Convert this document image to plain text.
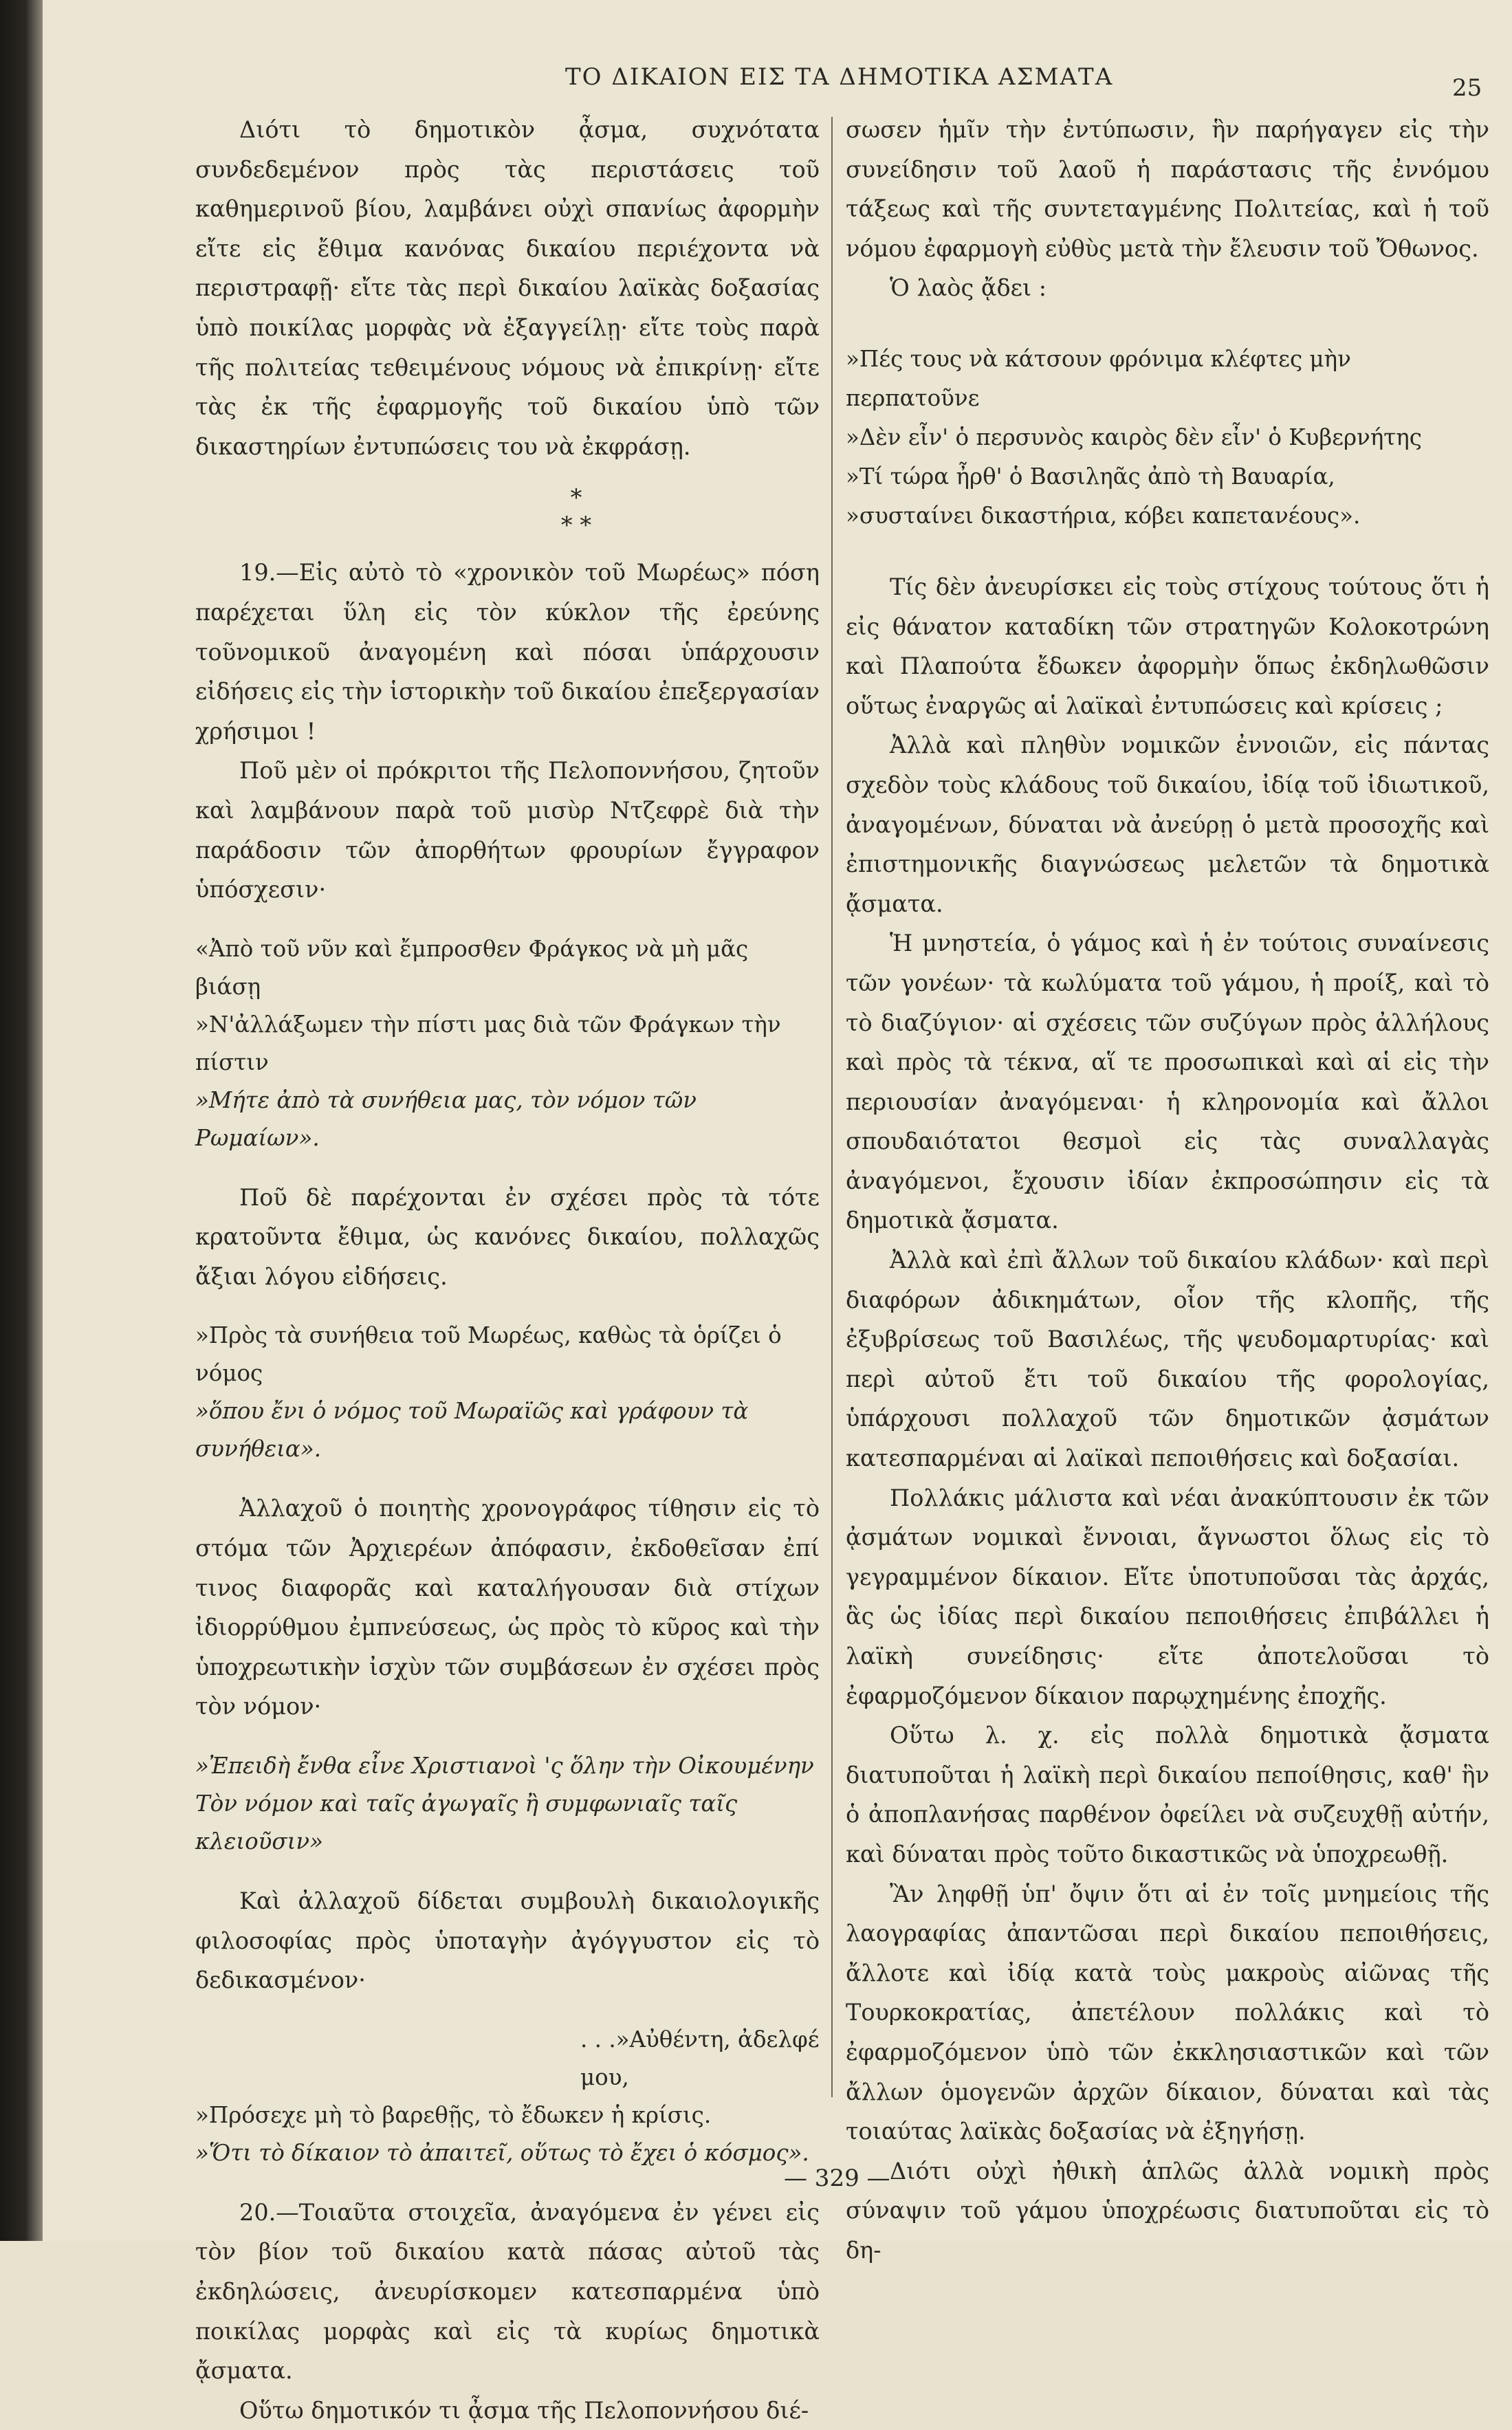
ΤΟ ΔΙΚΑΙΟΝ ΕΙΣ ΤΑ ΔΗΜΟΤΙΚΑ ΑΣΜΑΤΑ	25

Διότι τὸ δημοτικὸν ᾆσμα, συχνότατα συνδεδεμένον πρὸς τὰς περιστάσεις τοῦ καθημερινοῦ βίου, λαμβάνει οὐχὶ σπανίως ἀφορμὴν εἴτε εἰς ἔθιμα κανόνας δικαίου περιέχοντα νὰ περιστραφῇ· εἴτε τὰς περὶ δικαίου λαϊκὰς δοξασίας ὑπὸ ποικίλας μορφὰς νὰ ἐξαγγείλῃ· εἴτε τοὺς παρὰ τῆς πολιτείας τεθειμένους νόμους νὰ ἐπικρίνῃ· εἴτε τὰς ἐκ τῆς ἐφαρμογῆς τοῦ δικαίου ὑπὸ τῶν δικαστηρίων ἐντυπώσεις του νὰ ἐκφράσῃ.

*
* *

19.—Εἰς αὐτὸ τὸ «χρονικὸν τοῦ Μωρέως» πόση παρέχεται ὕλη εἰς τὸν κύκλον τῆς ἐρεύνης τοῦνομικοῦ ἀναγομένη καὶ πόσαι ὑπάρχουσιν εἰδήσεις εἰς τὴν ἱστορικὴν τοῦ δικαίου ἐπεξεργασίαν χρήσιμοι !

Ποῦ μὲν οἱ πρόκριτοι τῆς Πελοποννήσου, ζητοῦν καὶ λαμβάνουν παρὰ τοῦ μισὺρ Ντζεφρὲ διὰ τὴν παράδοσιν τῶν ἀπορθήτων φρουρίων ἔγγραφον ὑπόσχεσιν·

«Ἀπὸ τοῦ νῦν καὶ ἔμπροσθεν Φράγκος νὰ μὴ μᾶς βιάσῃ
»Ν'ἀλλάξωμεν τὴν πίστι μας διὰ τῶν Φράγκων τὴν πίστιν
»Μήτε ἀπὸ τὰ συνήθεια μας, τὸν νόμον τῶν Ρωμαίων».

Ποῦ δὲ παρέχονται ἐν σχέσει πρὸς τὰ τότε κρατοῦντα ἔθιμα, ὡς κανόνες δικαίου, πολλαχῶς ἄξιαι λόγου εἰδήσεις.

»Πρὸς τὰ συνήθεια τοῦ Μωρέως, καθὼς τὰ ὁρίζει ὁ νόμος
»ὅπου ἔνι ὁ νόμος τοῦ Μωραϊῶς καὶ γράφουν τὰ συνήθεια».

Ἀλλαχοῦ ὁ ποιητὴς χρονογράφος τίθησιν εἰς τὸ στόμα τῶν Ἀρχιερέων ἀπόφασιν, ἐκδοθεῖσαν ἐπί τινος διαφορᾶς καὶ καταλήγουσαν διὰ στίχων ἰδιορρύθμου ἐμπνεύσεως, ὡς πρὸς τὸ κῦρος καὶ τὴν ὑποχρεωτικὴν ἰσχὺν τῶν συμβάσεων ἐν σχέσει πρὸς τὸν νόμον·

»Ἐπειδὴ ἔνθα εἶνε Χριστιανοὶ 'ς ὅλην τὴν Οἰκουμένην
Τὸν νόμον καὶ ταῖς ἀγωγαῖς ἢ συμφωνιαῖς ταῖς κλειοῦσιν»

Καὶ ἀλλαχοῦ δίδεται συμβουλὴ δικαιολογικῆς φιλοσοφίας πρὸς ὑποταγὴν ἀγόγγυστον εἰς τὸ δεδικασμένον·

. . .»Αὐθέντη, ἀδελφέ μου,
»Πρόσεχε μὴ τὸ βαρεθῇς, τὸ ἔδωκεν ἡ κρίσις.
»Ὅτι τὸ δίκαιον τὸ ἀπαιτεῖ, οὕτως τὸ ἔχει ὁ κόσμος».

20.—Τοιαῦτα στοιχεῖα, ἀναγόμενα ἐν γένει εἰς τὸν βίον τοῦ δικαίου κατὰ πάσας αὐτοῦ τὰς ἐκδηλώσεις, ἀνευρίσκομεν κατεσπαρμένα ὑπὸ ποικίλας μορφὰς καὶ εἰς τὰ κυρίως δημοτικὰ ᾄσματα.

Οὕτω δημοτικόν τι ᾆσμα τῆς Πελοποννήσου διέ-

σωσεν ἡμῖν τὴν ἐντύπωσιν, ἣν παρήγαγεν εἰς τὴν συνείδησιν τοῦ λαοῦ ἡ παράστασις τῆς ἐννόμου τάξεως καὶ τῆς συντεταγμένης Πολιτείας, καὶ ἡ τοῦ νόμου ἐφαρμογὴ εὐθὺς μετὰ τὴν ἔλευσιν τοῦ Ὄθωνος.

Ὁ λαὸς ᾄδει :

»Πές τους νὰ κάτσουν φρόνιμα κλέφτες μὴν περπατοῦνε
»Δὲν εἶν' ὁ περσυνὸς καιρὸς δὲν εἶν' ὁ Κυβερνήτης
»Τί τώρα ἦρθ' ὁ Βασιληᾶς ἀπὸ τὴ Βαυαρία,
»συσταίνει δικαστήρια, κόβει καπετανέους».

Τίς δὲν ἀνευρίσκει εἰς τοὺς στίχους τούτους ὅτι ἡ εἰς θάνατον καταδίκη τῶν στρατηγῶν Κολοκοτρώνη καὶ Πλαπούτα ἔδωκεν ἀφορμὴν ὅπως ἐκδηλωθῶσιν οὕτως ἐναργῶς αἱ λαϊκαὶ ἐντυπώσεις καὶ κρίσεις ;

Ἀλλὰ καὶ πληθὺν νομικῶν ἐννοιῶν, εἰς πάντας σχεδὸν τοὺς κλάδους τοῦ δικαίου, ἰδίᾳ τοῦ ἰδιωτικοῦ, ἀναγομένων, δύναται νὰ ἀνεύρῃ ὁ μετὰ προσοχῆς καὶ ἐπιστημονικῆς διαγνώσεως μελετῶν τὰ δημοτικὰ ᾄσματα.

Ἡ μνηστεία, ὁ γάμος καὶ ἡ ἐν τούτοις συναίνεσις τῶν γονέων· τὰ κωλύματα τοῦ γάμου, ἡ προίξ, καὶ τὸ τὸ διαζύγιον· αἱ σχέσεις τῶν συζύγων πρὸς ἀλλήλους καὶ πρὸς τὰ τέκνα, αἵ τε προσωπικαὶ καὶ αἱ εἰς τὴν περιουσίαν ἀναγόμεναι· ἡ κληρονομία καὶ ἄλλοι σπουδαιότατοι θεσμοὶ εἰς τὰς συναλλαγὰς ἀναγόμενοι, ἔχουσιν ἰδίαν ἐκπροσώπησιν εἰς τὰ δημοτικὰ ᾄσματα.

Ἀλλὰ καὶ ἐπὶ ἄλλων τοῦ δικαίου κλάδων· καὶ περὶ διαφόρων ἀδικημάτων, οἷον τῆς κλοπῆς, τῆς ἐξυβρίσεως τοῦ Βασιλέως, τῆς ψευδομαρτυρίας· καὶ περὶ αὐτοῦ ἔτι τοῦ δικαίου τῆς φορολογίας, ὑπάρχουσι πολλαχοῦ τῶν δημοτικῶν ᾀσμάτων κατεσπαρμέναι αἱ λαϊκαὶ πεποιθήσεις καὶ δοξασίαι.

Πολλάκις μάλιστα καὶ νέαι ἀνακύπτουσιν ἐκ τῶν ᾀσμάτων νομικαὶ ἔννοιαι, ἄγνωστοι ὅλως εἰς τὸ γεγραμμένον δίκαιον. Εἴτε ὑποτυποῦσαι τὰς ἀρχάς, ἃς ὡς ἰδίας περὶ δικαίου πεποιθήσεις ἐπιβάλλει ἡ λαϊκὴ συνείδησις· εἴτε ἀποτελοῦσαι τὸ ἐφαρμοζόμενον δίκαιον παρῳχημένης ἐποχῆς.

Οὕτω λ. χ. εἰς πολλὰ δημοτικὰ ᾄσματα διατυποῦται ἡ λαϊκὴ περὶ δικαίου πεποίθησις, καθ' ἣν ὁ ἀποπλανήσας παρθένον ὀφείλει νὰ συζευχθῇ αὐτήν, καὶ δύναται πρὸς τοῦτο δικαστικῶς νὰ ὑποχρεωθῇ.

Ἂν ληφθῇ ὑπ' ὄψιν ὅτι αἱ ἐν τοῖς μνημείοις τῆς λαογραφίας ἀπαντῶσαι περὶ δικαίου πεποιθήσεις, ἄλλοτε καὶ ἰδίᾳ κατὰ τοὺς μακροὺς αἰῶνας τῆς Τουρκοκρατίας, ἀπετέλουν πολλάκις καὶ τὸ ἐφαρμοζόμενον ὑπὸ τῶν ἐκκλησιαστικῶν καὶ τῶν ἄλλων ὁμογενῶν ἀρχῶν δίκαιον, δύναται καὶ τὰς τοιαύτας λαϊκὰς δοξασίας νὰ ἐξηγήσῃ.

Διότι οὐχὶ ἠθικὴ ἁπλῶς ἀλλὰ νομικὴ πρὸς σύναψιν τοῦ γάμου ὑποχρέωσις διατυποῦται εἰς τὸ δη-

— 329 —
